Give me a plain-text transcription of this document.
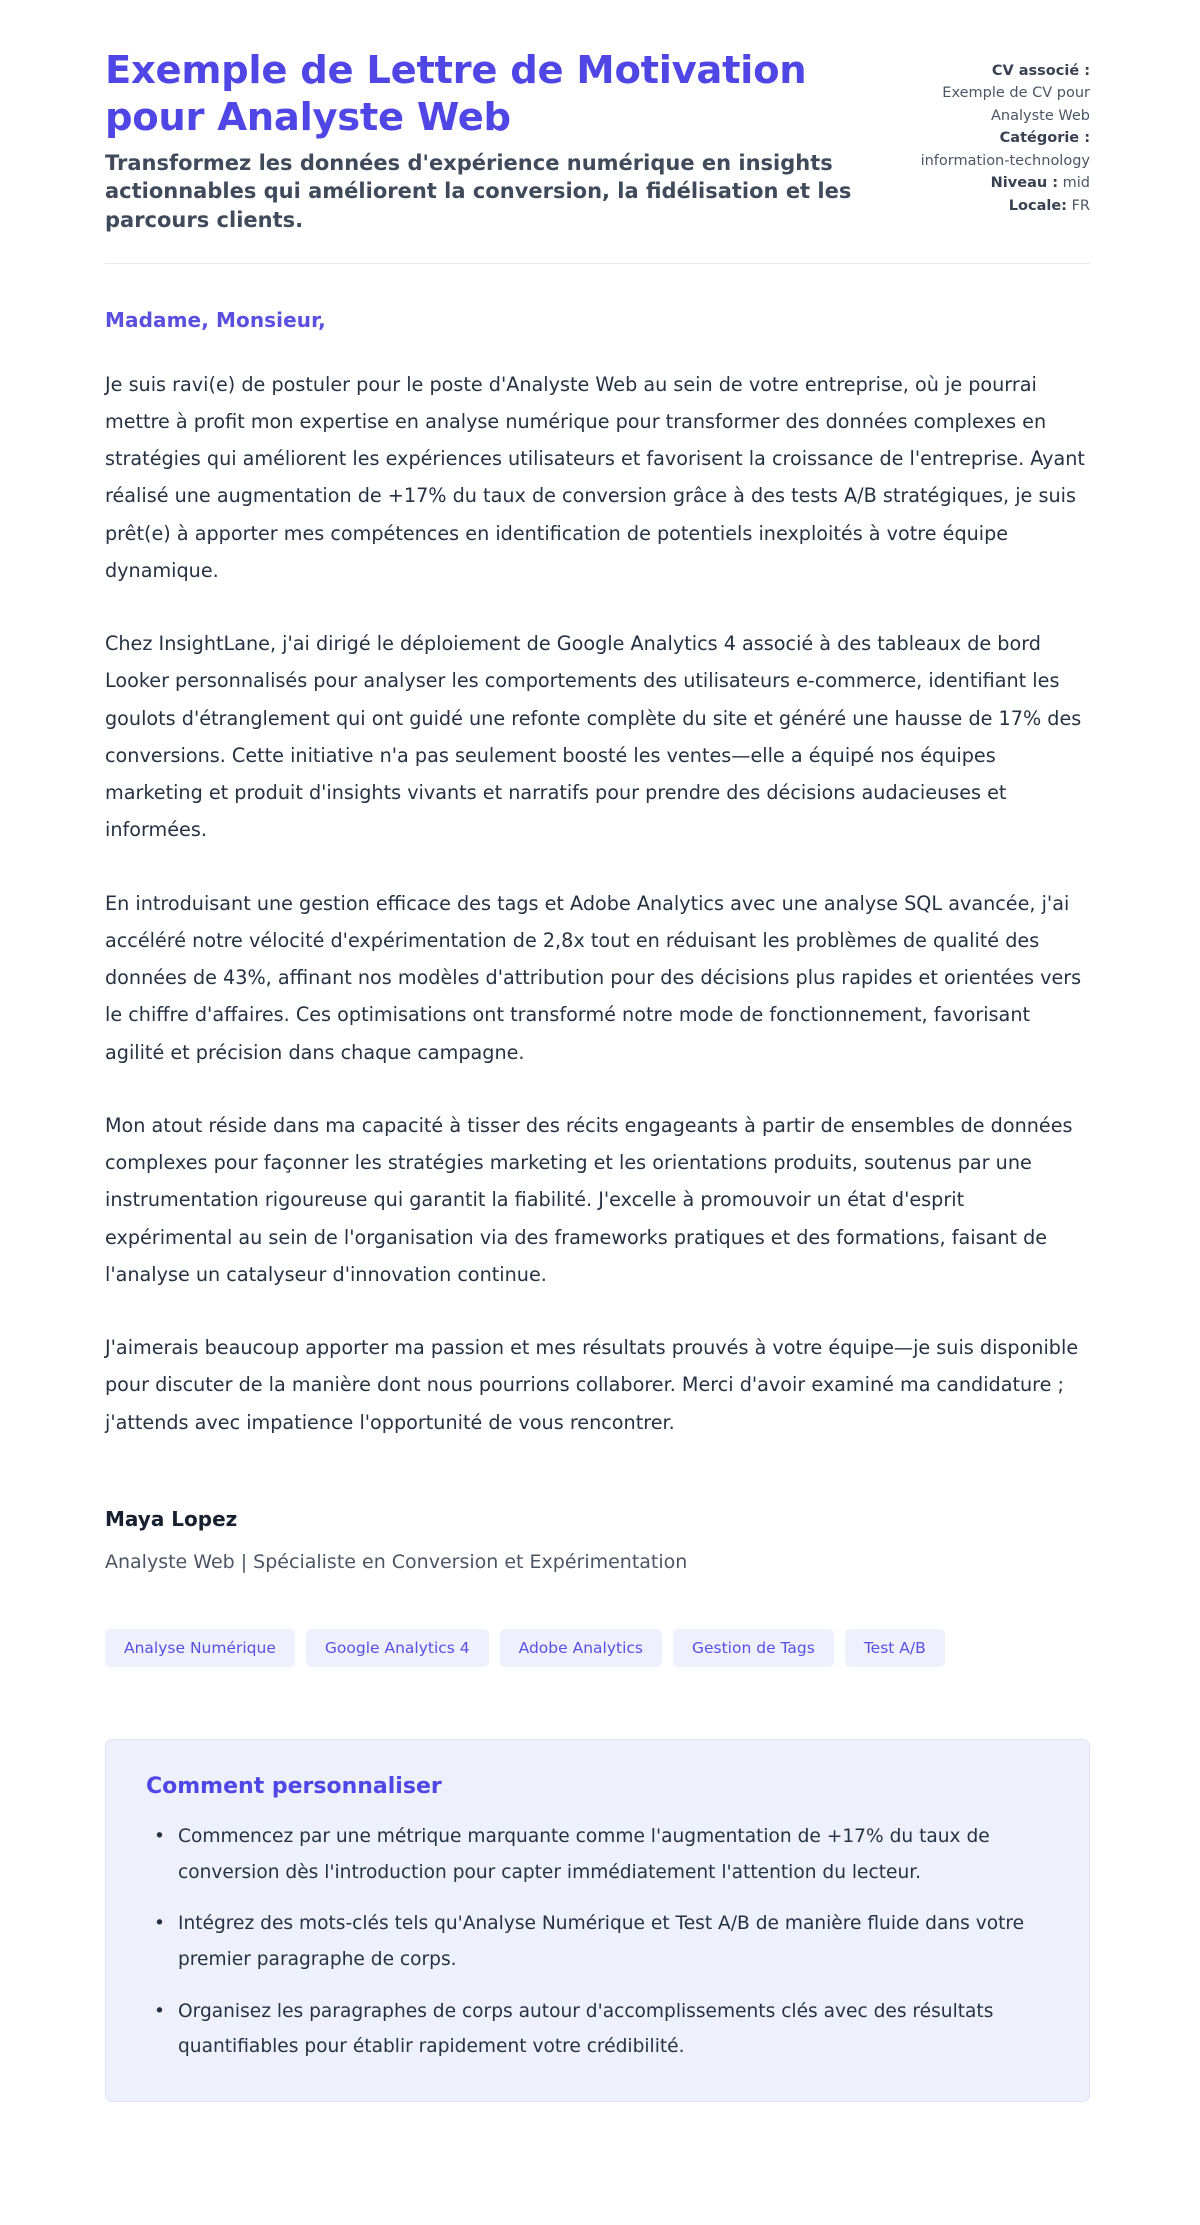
Exemple de Lettre de Motivation pour Analyste Web

Transformez les données d'expérience numérique en insights actionnables qui améliorent la conversion, la fidélisation et les parcours clients.

CV associé :
Exemple de CV pour Analyste Web
Catégorie :
information-technology
Niveau : mid
Locale: FR

Madame, Monsieur,

Je suis ravi(e) de postuler pour le poste d'Analyste Web au sein de votre entreprise, où je pourrai mettre à profit mon expertise en analyse numérique pour transformer des données complexes en stratégies qui améliorent les expériences utilisateurs et favorisent la croissance de l'entreprise. Ayant réalisé une augmentation de +17% du taux de conversion grâce à des tests A/B stratégiques, je suis prêt(e) à apporter mes compétences en identification de potentiels inexploités à votre équipe dynamique.

Chez InsightLane, j'ai dirigé le déploiement de Google Analytics 4 associé à des tableaux de bord Looker personnalisés pour analyser les comportements des utilisateurs e-commerce, identifiant les goulots d'étranglement qui ont guidé une refonte complète du site et généré une hausse de 17% des conversions. Cette initiative n'a pas seulement boosté les ventes—elle a équipé nos équipes marketing et produit d'insights vivants et narratifs pour prendre des décisions audacieuses et informées.

En introduisant une gestion efficace des tags et Adobe Analytics avec une analyse SQL avancée, j'ai accéléré notre vélocité d'expérimentation de 2,8x tout en réduisant les problèmes de qualité des données de 43%, affinant nos modèles d'attribution pour des décisions plus rapides et orientées vers le chiffre d'affaires. Ces optimisations ont transformé notre mode de fonctionnement, favorisant agilité et précision dans chaque campagne.

Mon atout réside dans ma capacité à tisser des récits engageants à partir de ensembles de données complexes pour façonner les stratégies marketing et les orientations produits, soutenus par une instrumentation rigoureuse qui garantit la fiabilité. J'excelle à promouvoir un état d'esprit expérimental au sein de l'organisation via des frameworks pratiques et des formations, faisant de l'analyse un catalyseur d'innovation continue.

J'aimerais beaucoup apporter ma passion et mes résultats prouvés à votre équipe—je suis disponible pour discuter de la manière dont nous pourrions collaborer. Merci d'avoir examiné ma candidature ; j'attends avec impatience l'opportunité de vous rencontrer.

Maya Lopez

Analyste Web | Spécialiste en Conversion et Expérimentation

Analyse Numérique	Google Analytics 4	Adobe Analytics	Gestion de Tags	Test A/B
Comment personnaliser
• Commencez par une métrique marquante comme l'augmentation de +17% du taux de conversion dès l'introduction pour capter immédiatement l'attention du lecteur.
• Intégrez des mots-clés tels qu'Analyse Numérique et Test A/B de manière fluide dans votre premier paragraphe de corps.
• Organisez les paragraphes de corps autour d'accomplissements clés avec des résultats quantifiables pour établir rapidement votre crédibilité.
